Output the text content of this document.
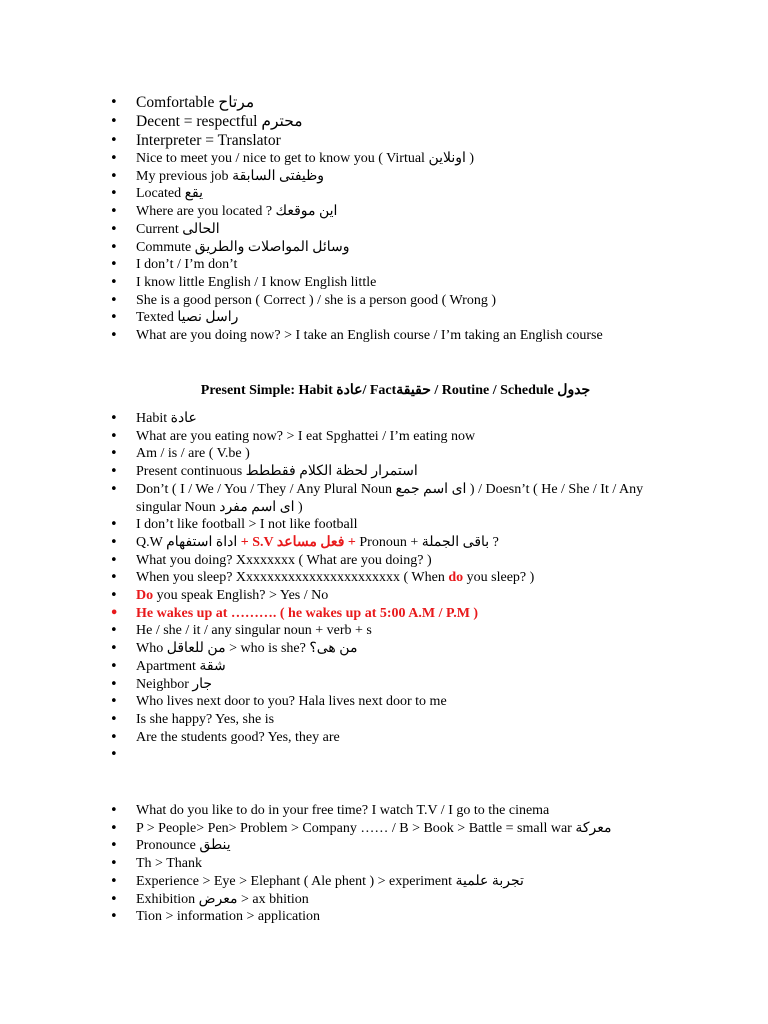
• Comfortable مرتاح
• Decent = respectful محترم
• Interpreter = Translator
• Nice to meet you / nice to get to know you ( Virtual اونلاين )
• My previous job وظيفتى السابقة
• Located يقع
• Where are you located ? اين موقعك
• Current الحالى
• Commute وسائل المواصلات والطريق
• I don’t / I’m don’t
• I know little English / I know English little
• She is a good person ( Correct ) / she is a person good ( Wrong )
• Texted راسل نصيا
• What are you doing now? > I take an English course / I’m taking an English course
Present Simple: Habit عادة/ Factحقيقة / Routine / Schedule جدول
• Habit عادة
• What are you eating now? > I eat Spghattei / I’m eating now
• Am / is / are ( V.be )
• Present continuous استمرار لحظة الكلام فقططط
• Don’t ( I / We / You / They / Any Plural Noun اى اسم جمع ) / Doesn’t ( He / She / It / Any singular Noun اى اسم مفرد )
• I don’t like football > I not like football
• Q.W اداة استفهام + S.V فعل مساعد + Pronoun + باقى الجملة ?
• What you doing? Xxxxxxxx ( What are you doing? )
• When you sleep? Xxxxxxxxxxxxxxxxxxxxxxx ( When do you sleep? )
• Do you speak English? > Yes / No
• He wakes up at ………. ( he wakes up at 5:00 A.M / P.M )
• He / she / it / any singular noun + verb + s
• Who من للعاقل > who is she? من هى؟
• Apartment شقة
• Neighbor جار
• Who lives next door to you? Hala lives next door to me
• Is she happy? Yes, she is
• Are the students good? Yes, they are
• What do you like to do in your free time? I watch T.V / I go to the cinema
• P > People> Pen> Problem > Company …… / B > Book > Battle = small war معركة
• Pronounce ينطق
• Th > Thank
• Experience > Eye > Elephant ( Ale phent ) > experiment تجربة علمية
• Exhibition معرض > ax bhition
• Tion > information > application
